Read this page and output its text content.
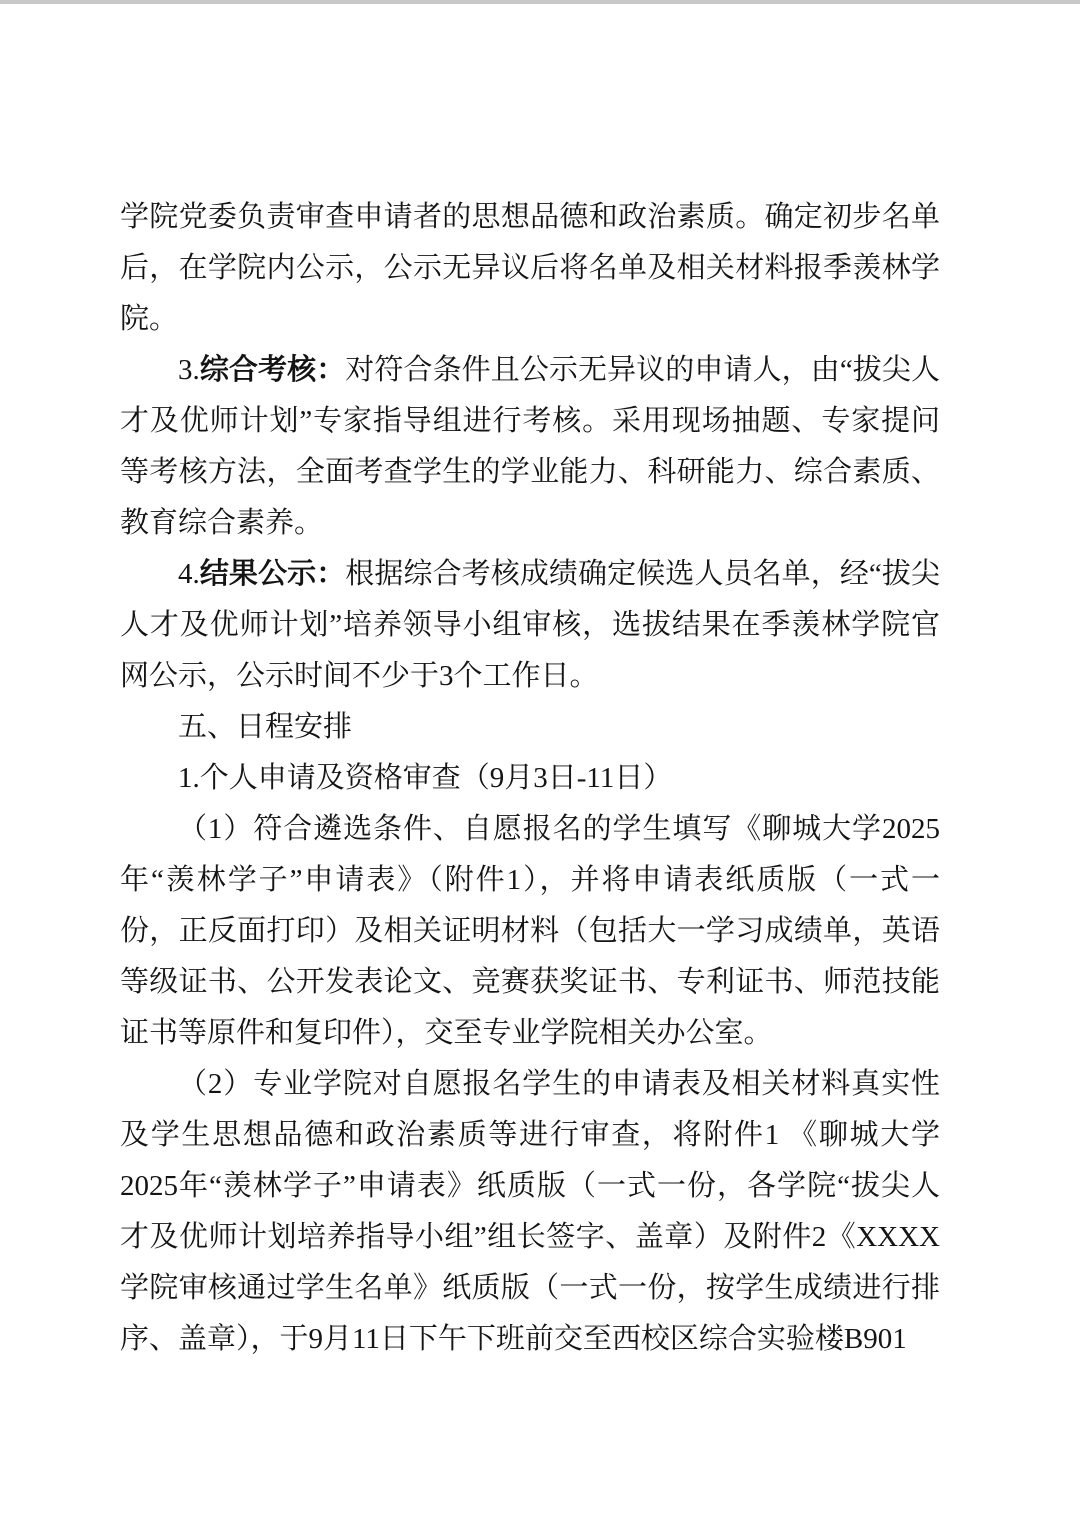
学院党委负责审查申请者的思想品德和政治素质。确定初步名单后，在学院内公示，公示无异议后将名单及相关材料报季羡林学院。

3.综合考核：对符合条件且公示无异议的申请人，由“拔尖人才及优师计划”专家指导组进行考核。采用现场抽题、专家提问等考核方法，全面考查学生的学业能力、科研能力、综合素质、教育综合素养。

4.结果公示：根据综合考核成绩确定候选人员名单，经“拔尖人才及优师计划”培养领导小组审核，选拔结果在季羡林学院官网公示，公示时间不少于3个工作日。

五、日程安排
1.个人申请及资格审查（9月3日-11日）

（1）符合遴选条件、自愿报名的学生填写《聊城大学2025年“羡林学子”申请表》（附件1），并将申请表纸质版（一式一份，正反面打印）及相关证明材料（包括大一学习成绩单，英语等级证书、公开发表论文、竞赛获奖证书、专利证书、师范技能证书等原件和复印件），交至专业学院相关办公室。

（2）专业学院对自愿报名学生的申请表及相关材料真实性及学生思想品德和政治素质等进行审查，将附件1 《聊城大学2025年“羡林学子”申请表》纸质版（一式一份，各学院“拔尖人才及优师计划培养指导小组”组长签字、盖章）及附件2《XXXX学院审核通过学生名单》纸质版（一式一份，按学生成绩进行排序、盖章），于9月11日下午下班前交至西校区综合实验楼B901
